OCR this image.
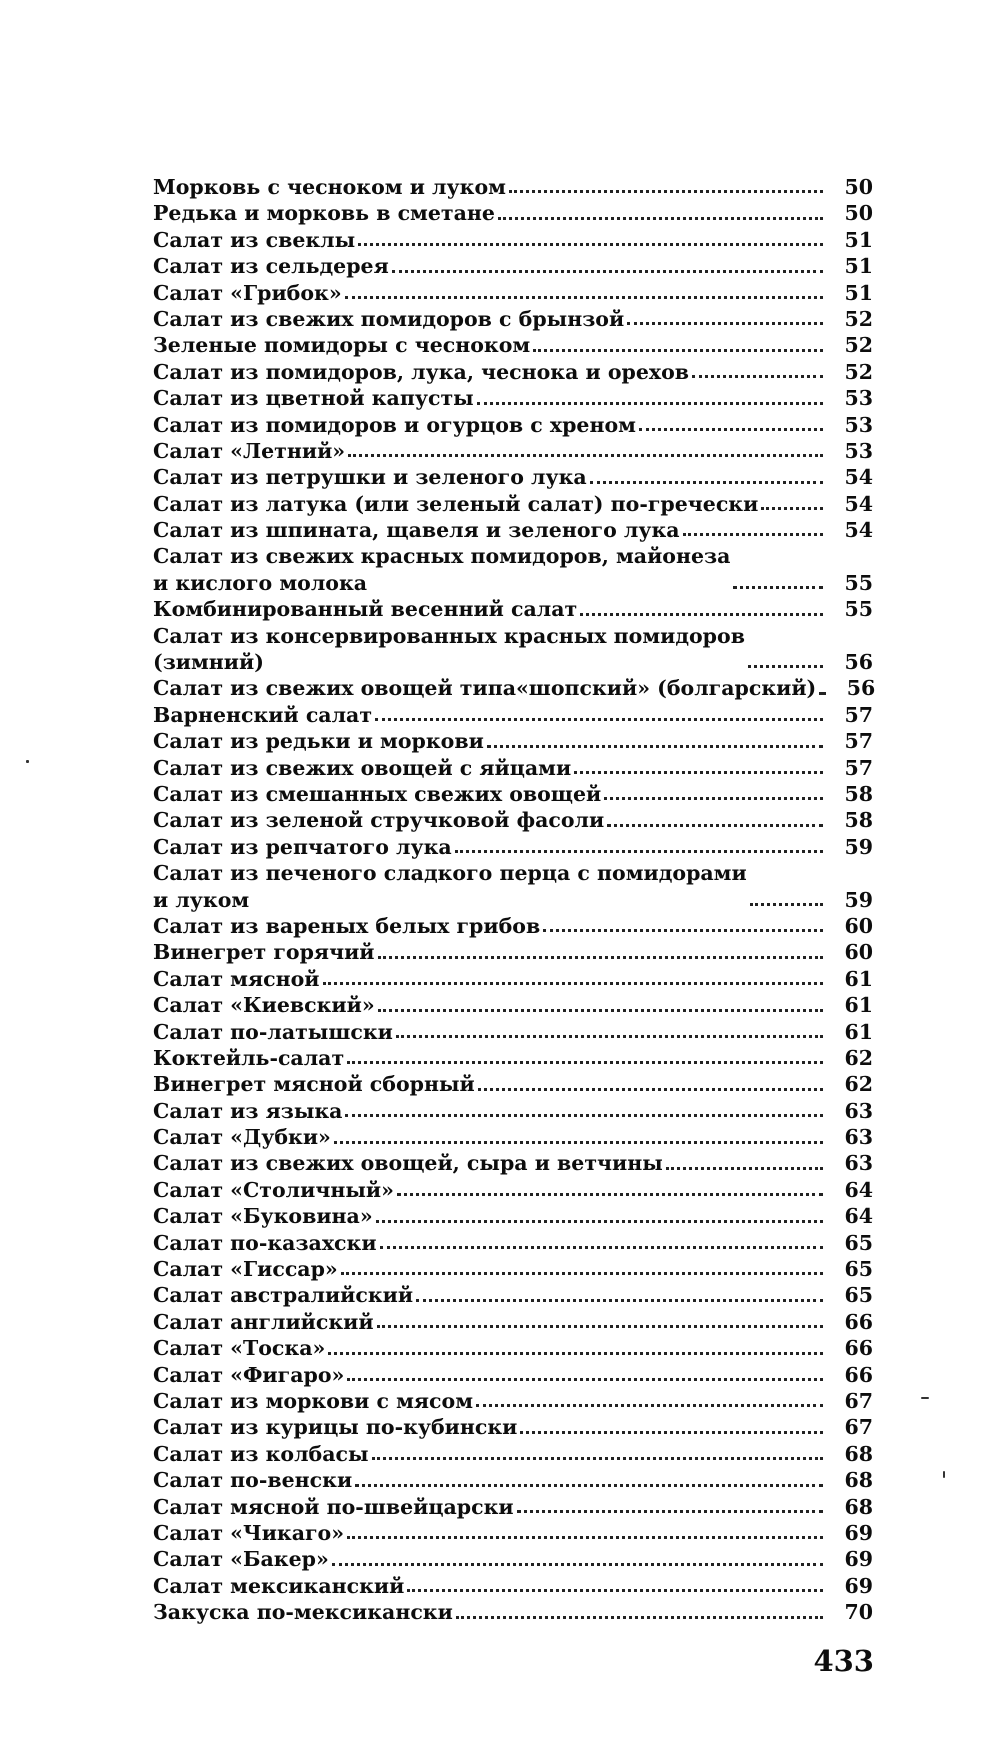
Морковь с чесноком и луком	50
Редька и морковь в сметане	50
Салат из свеклы	51
Салат из сельдерея	51
Салат «Грибок»	51
Салат из свежих помидоров с брынзой	52
Зеленые помидоры с чесноком	52
Салат из помидоров, лука, чеснока и орехов	52
Салат из цветной капусты	53
Салат из помидоров и огурцов с хреном	53
Салат «Летний»	53
Салат из петрушки и зеленого лука	54
Салат из латука (или зеленый салат) по-гречески	54
Салат из шпината, щавеля и зеленого лука	54
Салат из свежих красных помидоров, майонеза
и кислого молока	55
Комбинированный весенний салат	55
Салат из консервированных красных помидоров
(зимний)	56
Салат из свежих овощей типа«шопский» (болгарский)	56
Варненский салат	57
Салат из редьки и моркови	57
Салат из свежих овощей с яйцами	57
Салат из смешанных свежих овощей	58
Салат из зеленой стручковой фасоли	58
Салат из репчатого лука	59
Салат из печеного сладкого перца с помидорами
и луком	59
Салат из вареных белых грибов	60
Винегрет горячий	60
Салат мясной	61
Салат «Киевский»	61
Салат по-латышски	61
Коктейль-салат	62
Винегрет мясной сборный	62
Салат из языка	63
Салат «Дубки»	63
Салат из свежих овощей, сыра и ветчины	63
Салат «Столичный»	64
Салат «Буковина»	64
Салат по-казахски	65
Салат «Гиссар»	65
Салат австралийский	65
Салат английский	66
Салат «Тоска»	66
Салат «Фигаро»	66
Салат из моркови с мясом	67
Салат из курицы по-кубински	67
Салат из колбасы	68
Салат по-венски	68
Салат мясной по-швейцарски	68
Салат «Чикаго»	69
Салат «Бакер»	69
Салат мексиканский	69
Закуска по-мексикански	70
433
